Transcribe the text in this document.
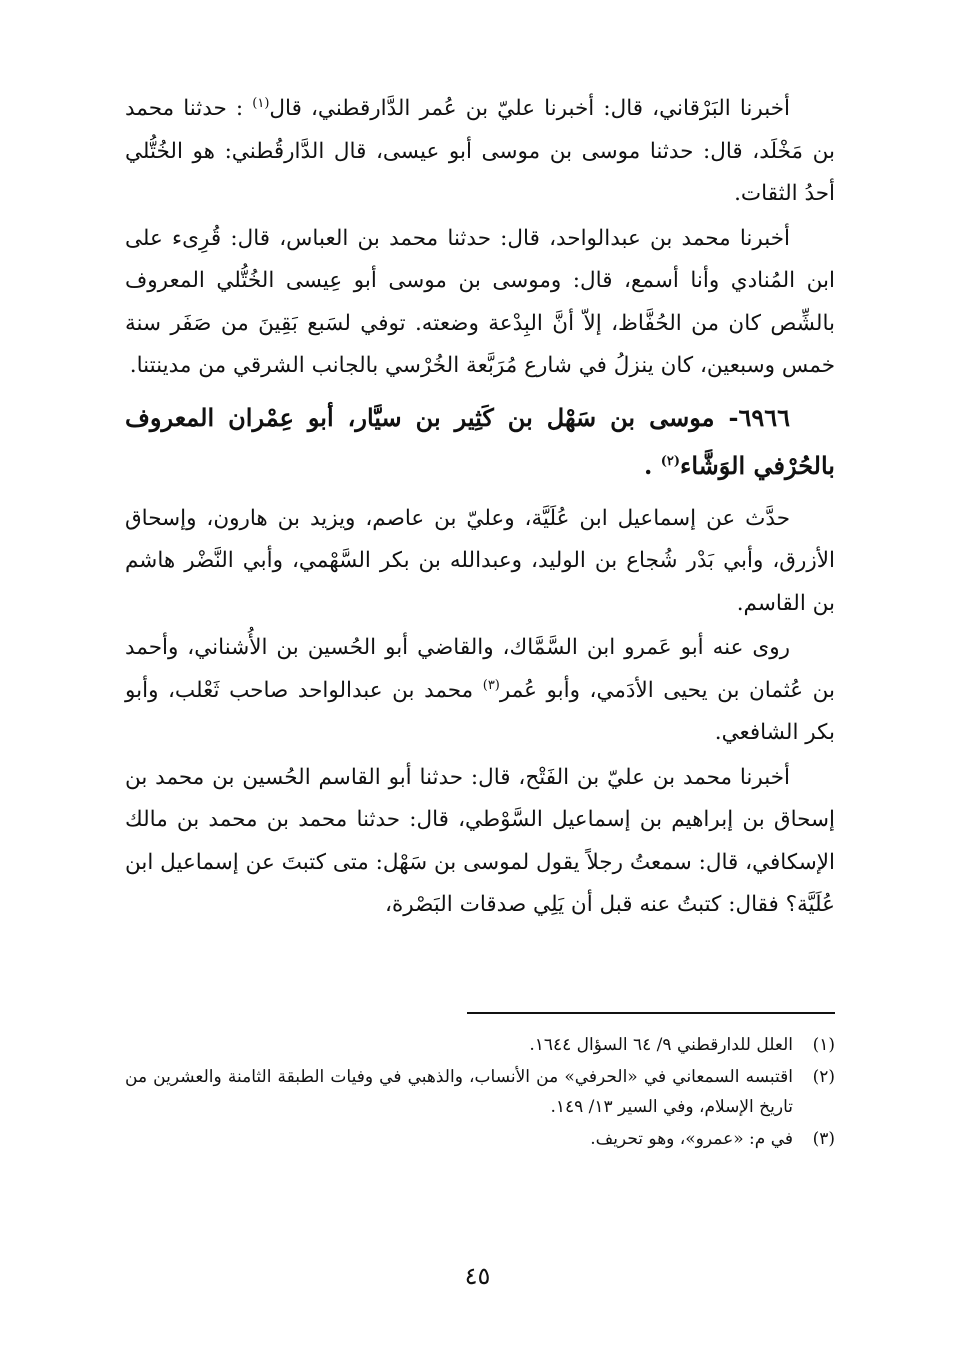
أخبرنا البَرْقاني، قال: أخبرنا عليّ بن عُمر الدَّارقطني، قال$^{(١)}$ : حدثنا محمد بن مَخْلَد، قال: حدثنا موسى بن موسى أبو عيسى، قال الدَّارقُطني: هو الخُتُّلي أحدُ الثقات.

أخبرنا محمد بن عبدالواحد، قال: حدثنا محمد بن العباس، قال: قُرِىء على ابن المُنادي وأنا أسمع، قال: وموسى بن موسى أبو عِيسى الخُتُّلي المعروف بالشِّص كان من الحُفَّاظ، إلاّ أنَّ البِدْعة وضعته. توفي لسَبع بَقِينَ من صَفَر سنة خمس وسبعين، كان ينزلُ في شارع مُرَبَّعة الخُرْسي بالجانب الشرقي من مدينتنا.

٦٩٦٦- موسى بن سَهْل بن كَثِير بن سيَّار، أبو عِمْران المعروف بالحُرْفي الوَشَّاء$^{(٢)}$ .

حدَّث عن إسماعيل ابن عُلَيَّة، وعليّ بن عاصم، ويزيد بن هارون، وإسحاق الأزرق، وأبي بَدْر شُجاع بن الوليد، وعبدالله بن بكر السَّهْمي، وأبي النَّضْر هاشم بن القاسم.

روى عنه أبو عَمرو ابن السَّمَّاك، والقاضي أبو الحُسين بن الأُشناني، وأحمد بن عُثمان بن يحيى الأدَمي، وأبو عُمر$^{(٣)}$ محمد بن عبدالواحد صاحب ثَعْلب، وأبو بكر الشافعي.

أخبرنا محمد بن عليّ بن الفَتْح، قال: حدثنا أبو القاسم الحُسين بن محمد بن إسحاق بن إبراهيم بن إسماعيل السَّوْطي، قال: حدثنا محمد بن محمد بن مالك الإسكافي، قال: سمعتُ رجلاً يقول لموسى بن سَهْل: متى كتبتَ عن إسماعيل ابن عُلَيَّة؟ فقال: كتبتُ عنه قبل أن يَلِي صدقات البَصْرة،

(١)
العلل للدارقطني ٩/ ٦٤ السؤال ١٦٤٤.
(٢)
اقتبسه السمعاني في «الحرفي» من الأنساب، والذهبي في وفيات الطبقة الثامنة والعشرين من تاريخ الإسلام، وفي السير ١٣/ ١٤٩.
(٣)
في م: «عمرو»، وهو تحريف.
٤٥
